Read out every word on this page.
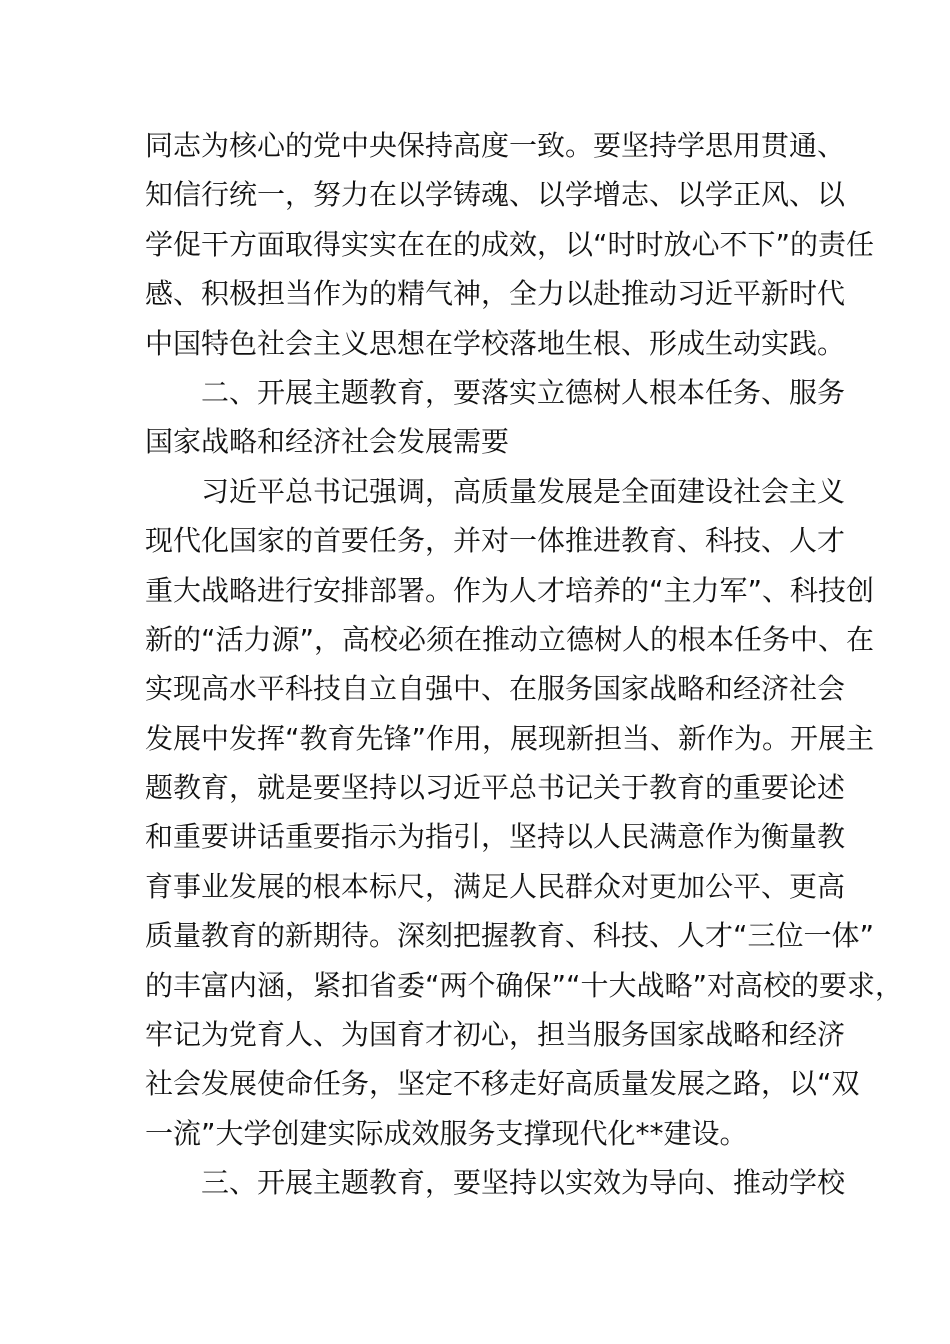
同志为核心的党中央保持高度一致。要坚持学思用贯通、
知信行统一，努力在以学铸魂、以学增志、以学正风、以
学促干方面取得实实在在的成效，以“时时放心不下”的责任
感、积极担当作为的精气神，全力以赴推动习近平新时代
中国特色社会主义思想在学校落地生根、形成生动实践。
二、开展主题教育，要落实立德树人根本任务、服务
国家战略和经济社会发展需要
习近平总书记强调，高质量发展是全面建设社会主义
现代化国家的首要任务，并对一体推进教育、科技、人才
重大战略进行安排部署。作为人才培养的“主力军”、科技创
新的“活力源”，高校必须在推动立德树人的根本任务中、在
实现高水平科技自立自强中、在服务国家战略和经济社会
发展中发挥“教育先锋”作用，展现新担当、新作为。开展主
题教育，就是要坚持以习近平总书记关于教育的重要论述
和重要讲话重要指示为指引，坚持以人民满意作为衡量教
育事业发展的根本标尺，满足人民群众对更加公平、更高
质量教育的新期待。深刻把握教育、科技、人才“三位一体”
的丰富内涵，紧扣省委“两个确保”“十大战略”对高校的要求，
牢记为党育人、为国育才初心，担当服务国家战略和经济
社会发展使命任务，坚定不移走好高质量发展之路，以“双
一流”大学创建实际成效服务支撑现代化**建设。
三、开展主题教育，要坚持以实效为导向、推动学校
